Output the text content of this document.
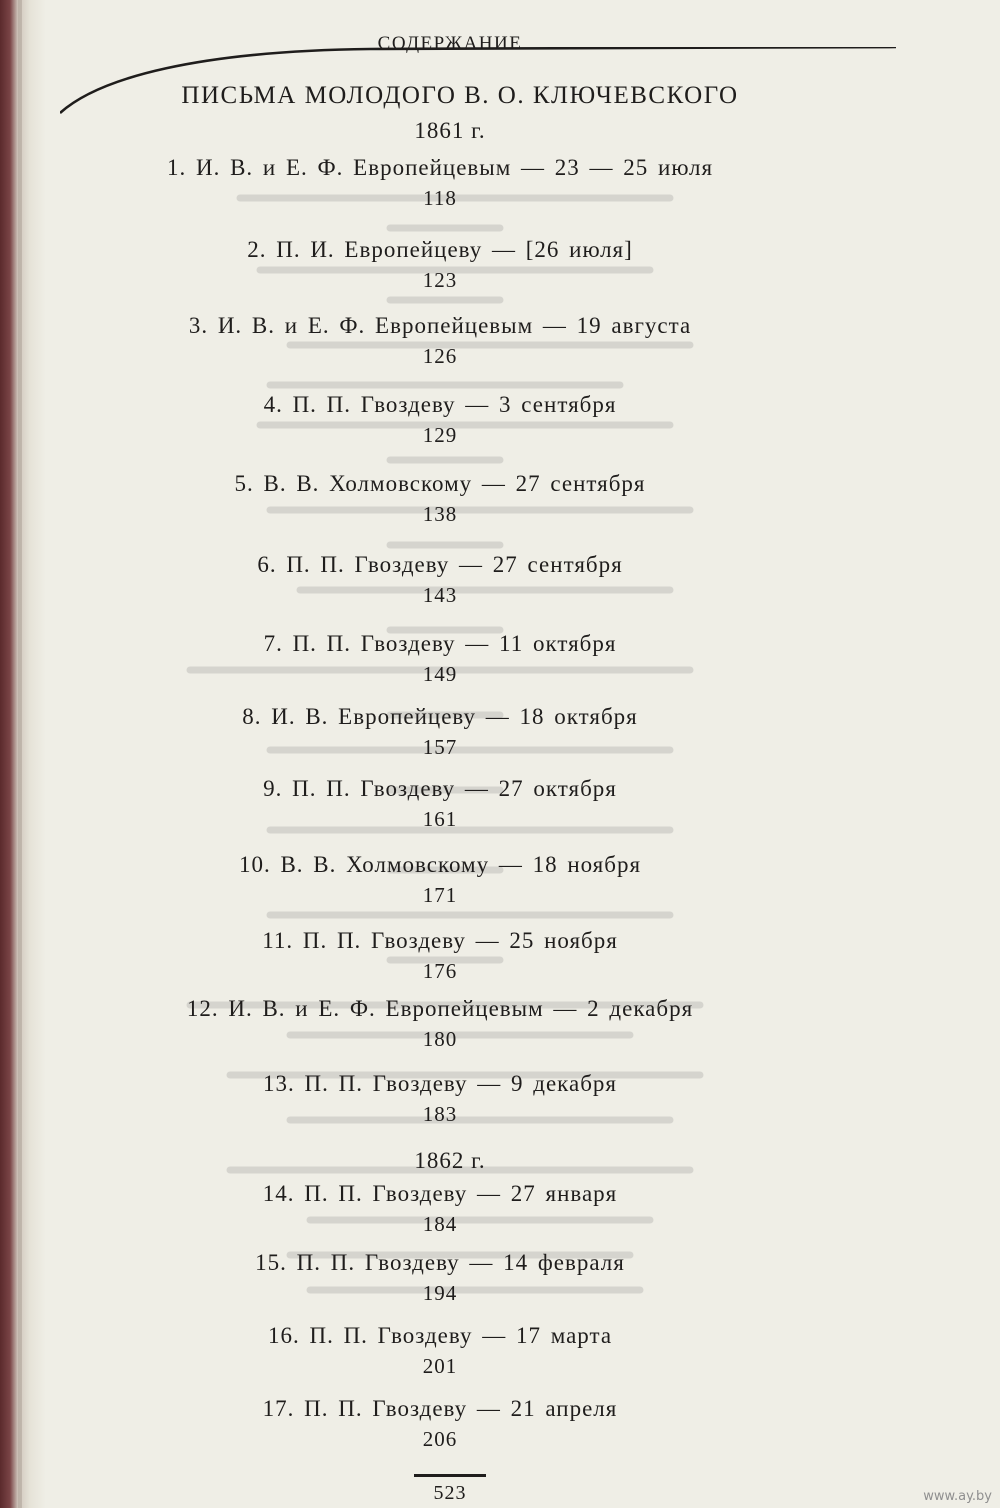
СОДЕРЖАНИЕ
ПИСЬМА МОЛОДОГО В. О. КЛЮЧЕВСКОГО
1861 г.
1. И. В. и Е. Ф. Европейцевым — 23 — 25 июля
118
2. П. И. Европейцеву — [26 июля]
123
3. И. В. и Е. Ф. Европейцевым — 19 августа
126
4. П. П. Гвоздеву — 3 сентября
129
5. В. В. Холмовскому — 27 сентября
138
6. П. П. Гвоздеву — 27 сентября
143
7. П. П. Гвоздеву — 11 октября
149
8. И. В. Европейцеву — 18 октября
157
9. П. П. Гвоздеву — 27 октября
161
10. В. В. Холмовскому — 18 ноября
171
11. П. П. Гвоздеву — 25 ноября
176
12. И. В. и Е. Ф. Европейцевым — 2 декабря
180
13. П. П. Гвоздеву — 9 декабря
183
1862 г.
14. П. П. Гвоздеву — 27 января
184
15. П. П. Гвоздеву — 14 февраля
194
16. П. П. Гвоздеву — 17 марта
201
17. П. П. Гвоздеву — 21 апреля
206
523	www.ay.by
